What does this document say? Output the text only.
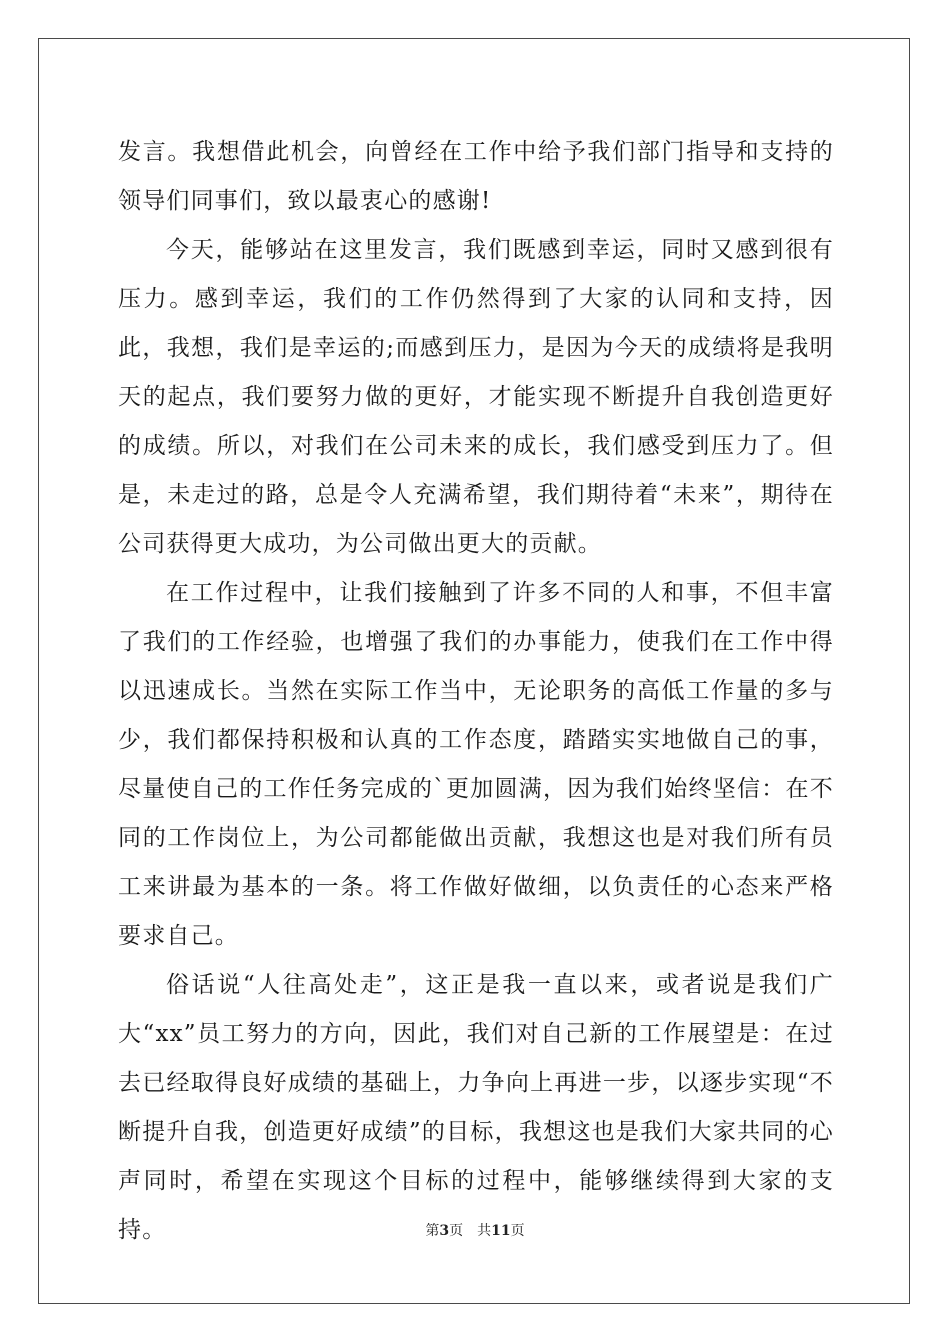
发言。我想借此机会，向曾经在工作中给予我们部门指导和支持的领导们同事们，致以最衷心的感谢!

今天，能够站在这里发言，我们既感到幸运，同时又感到很有压力。感到幸运，我们的工作仍然得到了大家的认同和支持，因此，我想，我们是幸运的;而感到压力，是因为今天的成绩将是我明天的起点，我们要努力做的更好，才能实现不断提升自我创造更好的成绩。所以，对我们在公司未来的成长，我们感受到压力了。但是，未走过的路，总是令人充满希望，我们期待着“未来”，期待在公司获得更大成功，为公司做出更大的贡献。

在工作过程中，让我们接触到了许多不同的人和事，不但丰富了我们的工作经验，也增强了我们的办事能力，使我们在工作中得以迅速成长。当然在实际工作当中，无论职务的高低工作量的多与少，我们都保持积极和认真的工作态度，踏踏实实地做自己的事，尽量使自己的工作任务完成的`更加圆满，因为我们始终坚信：在不同的工作岗位上，为公司都能做出贡献，我想这也是对我们所有员工来讲最为基本的一条。将工作做好做细，以负责任的心态来严格要求自己。

俗话说“人往高处走”，这正是我一直以来，或者说是我们广大“xx”员工努力的方向，因此，我们对自己新的工作展望是：在过去已经取得良好成绩的基础上，力争向上再进一步，以逐步实现“不断提升自我，创造更好成绩”的目标，我想这也是我们大家共同的心声同时，希望在实现这个目标的过程中，能够继续得到大家的支持。	第3页 共11页
